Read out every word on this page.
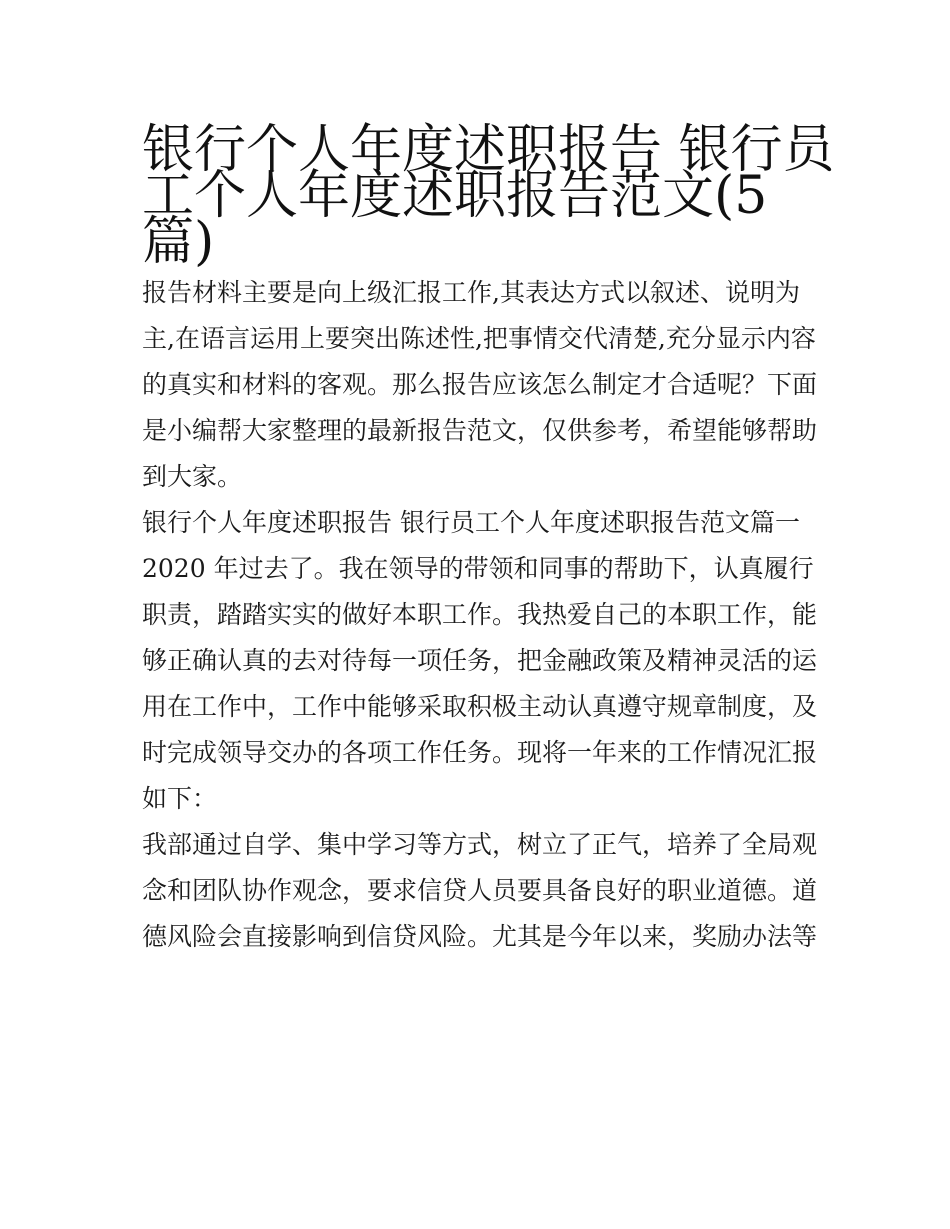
银行个人年度述职报告 银行员
工个人年度述职报告范文(5
篇)

报告材料主要是向上级汇报工作,其表达方式以叙述、说明为
主,在语言运用上要突出陈述性,把事情交代清楚,充分显示内容
的真实和材料的客观。那么报告应该怎么制定才合适呢？下面
是小编帮大家整理的最新报告范文，仅供参考，希望能够帮助
到大家。

银行个人年度述职报告 银行员工个人年度述职报告范文篇一

2020 年过去了。我在领导的带领和同事的帮助下，认真履行
职责，踏踏实实的做好本职工作。我热爱自己的本职工作，能
够正确认真的去对待每一项任务，把金融政策及精神灵活的运
用在工作中，工作中能够采取积极主动认真遵守规章制度，及
时完成领导交办的各项工作任务。现将一年来的工作情况汇报
如下：

我部通过自学、集中学习等方式，树立了正气，培养了全局观
念和团队协作观念，要求信贷人员要具备良好的职业道德。道
德风险会直接影响到信贷风险。尤其是今年以来，奖励办法等
